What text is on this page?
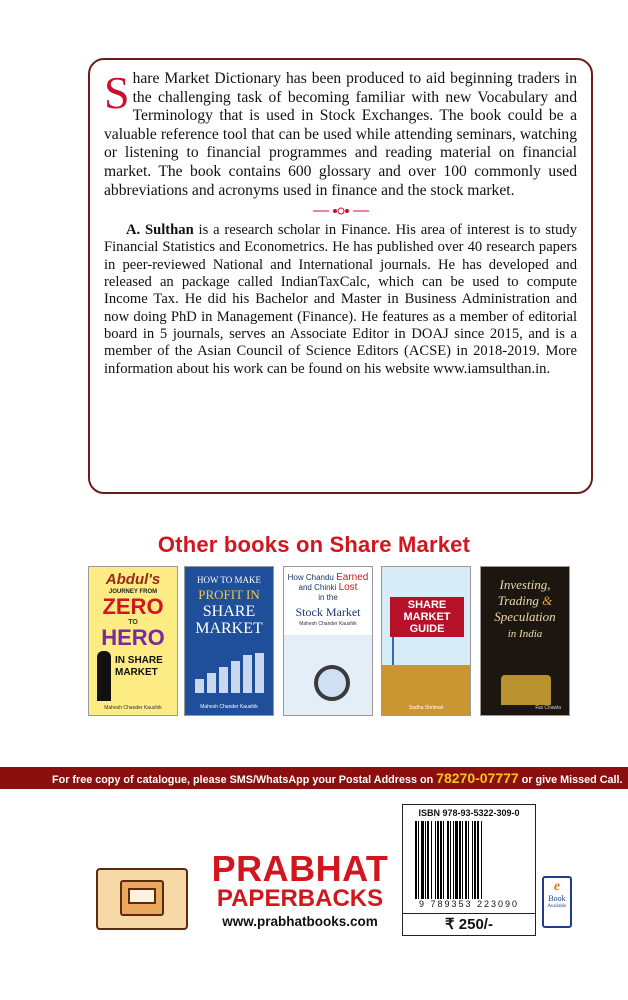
Share Market Dictionary has been produced to aid beginning traders in the challenging task of becoming familiar with new Vocabulary and Terminology that is used in Stock Exchanges. The book could be a valuable reference tool that can be used while attending seminars, watching or listening to financial programmes and reading material on financial market. The book contains 600 glossary and over 100 commonly used abbreviations and acronyms used in finance and the stock market.

A. Sulthan is a research scholar in Finance. His area of interest is to study Financial Statistics and Econometrics. He has published over 40 research papers in peer-reviewed National and International journals. He has developed and released an package called IndianTaxCalc, which can be used to compute Income Tax. He did his Bachelor and Master in Business Administration and now doing PhD in Management (Finance). He features as a member of editorial board in 5 journals, serves an Associate Editor in DOAJ since 2015, and is a member of the Asian Council of Science Editors (ACSE) in 2018-2019. More information about his work can be found on his website www.iamsulthan.in.

Other books on Share Market
Abdul's
JOURNEY FROM
ZERO
TO
HERO
IN SHARE MARKET
Mahesh Chander Kaushik
HOW TO MAKE
PROFIT IN
SHARE MARKET
Mahesh Chander Kaushik
How Chandu Earned
and Chinki Lost
in the
Stock Market
Mahesh Chander Kaushik
SHARE MARKET GUIDE
Sudha Shrimali
Investing,
Trading &
Speculation
in India
Rai Chawla
For free copy of catalogue, please SMS/WhatsApp your Postal Address on 78270-07777 or give Missed Call.
PRABHAT
PAPERBACKS
www.prabhatbooks.com
ISBN 978-93-5322-309-0
9 789353 223090
₹ 250/-
e
Book
Available
